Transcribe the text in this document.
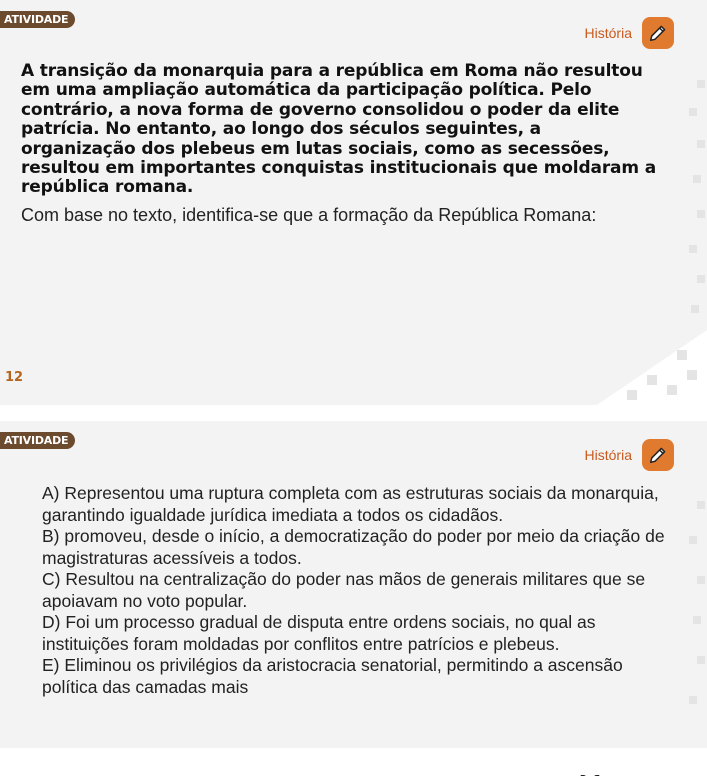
ATIVIDADE
História

A transição da monarquia para a república em Roma não resultou em uma ampliação automática da participação política. Pelo contrário, a nova forma de governo consolidou o poder da elite patrícia. No entanto, ao longo dos séculos seguintes, a organização dos plebeus em lutas sociais, como as secessões, resultou em importantes conquistas institucionais que moldaram a república romana.

Com base no texto, identifica-se que a formação da República Romana:

12
ATIVIDADE
História

A) Representou uma ruptura completa com as estruturas sociais da monarquia, garantindo igualdade jurídica imediata a todos os cidadãos.

B) promoveu, desde o início, a democratização do poder por meio da criação de magistraturas acessíveis a todos.

C) Resultou na centralização do poder nas mãos de generais militares que se apoiavam no voto popular.

D) Foi um processo gradual de disputa entre ordens sociais, no qual as instituições foram moldadas por conflitos entre patrícios e plebeus.

E) Eliminou os privilégios da aristocracia senatorial, permitindo a ascensão política das camadas mais
